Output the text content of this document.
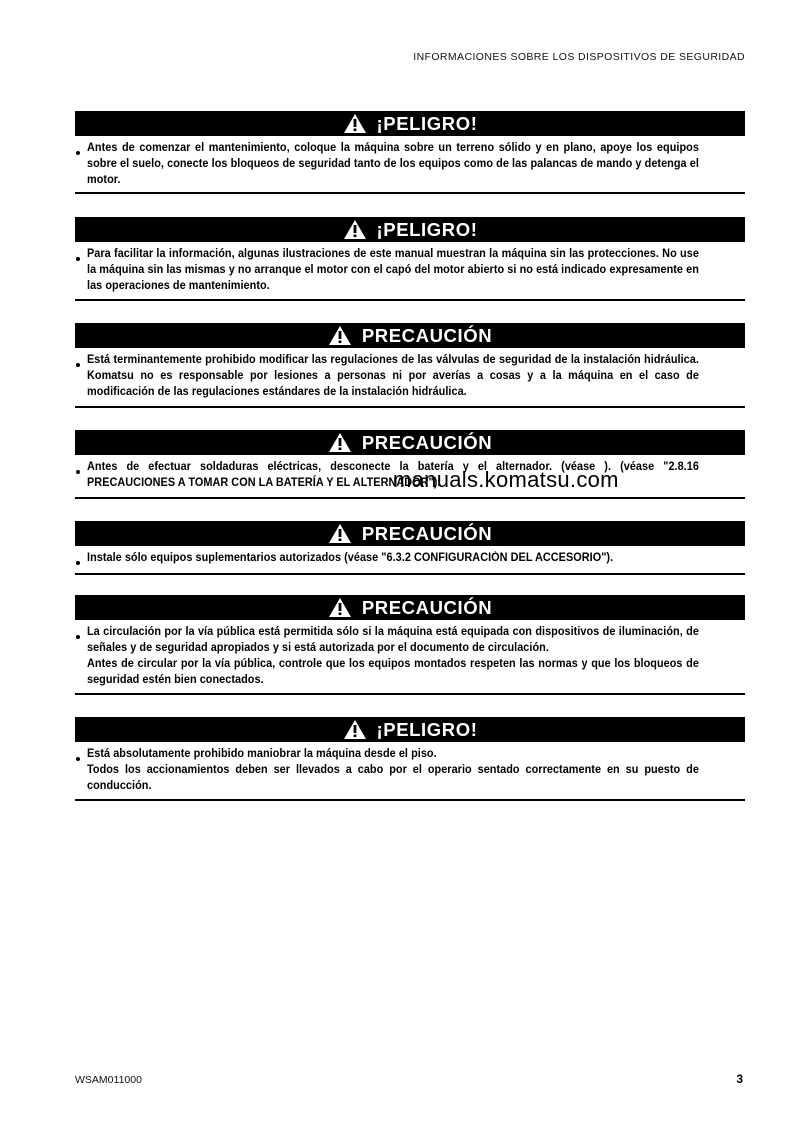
INFORMACIONES SOBRE LOS DISPOSITIVOS DE SEGURIDAD
¡PELIGRO!

Antes de comenzar el mantenimiento, coloque la máquina sobre un terreno sólido y en plano, apoye los equipos sobre el suelo, conecte los bloqueos de seguridad tanto de los equipos como de las palancas de mando y detenga el motor.

¡PELIGRO!

Para facilitar la información, algunas ilustraciones de este manual muestran la máquina sin las protecciones. No use la máquina sin las mismas y no arranque el motor con el capó del motor abierto si no está indicado expresamente en las operaciones de mantenimiento.

PRECAUCIÓN

Está terminantemente prohibido modificar las regulaciones de las válvulas de seguridad de la instalación hidráulica. Komatsu no es responsable por lesiones a personas ni por averías a cosas y a la máquina en el caso de modificación de las regulaciones estándares de la instalación hidráulica.

PRECAUCIÓN

Antes de efectuar soldaduras eléctricas, desconecte la batería y el alternador. (véase ). (véase "2.8.16 PRECAUCIONES A TOMAR CON LA BATERÍA Y EL ALTERNADOR").

PRECAUCIÓN

Instale sólo equipos suplementarios autorizados (véase "6.3.2 CONFIGURACIÓN DEL ACCESORIO").

PRECAUCIÓN

La circulación por la vía pública está permitida sólo si la máquina está equipada con dispositivos de iluminación, de señales y de seguridad apropiados y si está autorizada por el documento de circulación.

Antes de circular por la vía pública, controle que los equipos montados respeten las normas y que los bloqueos de seguridad estén bien conectados.

¡PELIGRO!

Está absolutamente prohibido maniobrar la máquina desde el piso.

Todos los accionamientos deben ser llevados a cabo por el operario sentado correctamente en su puesto de conducción.

manuals.komatsu.com
WSAM011000	3
